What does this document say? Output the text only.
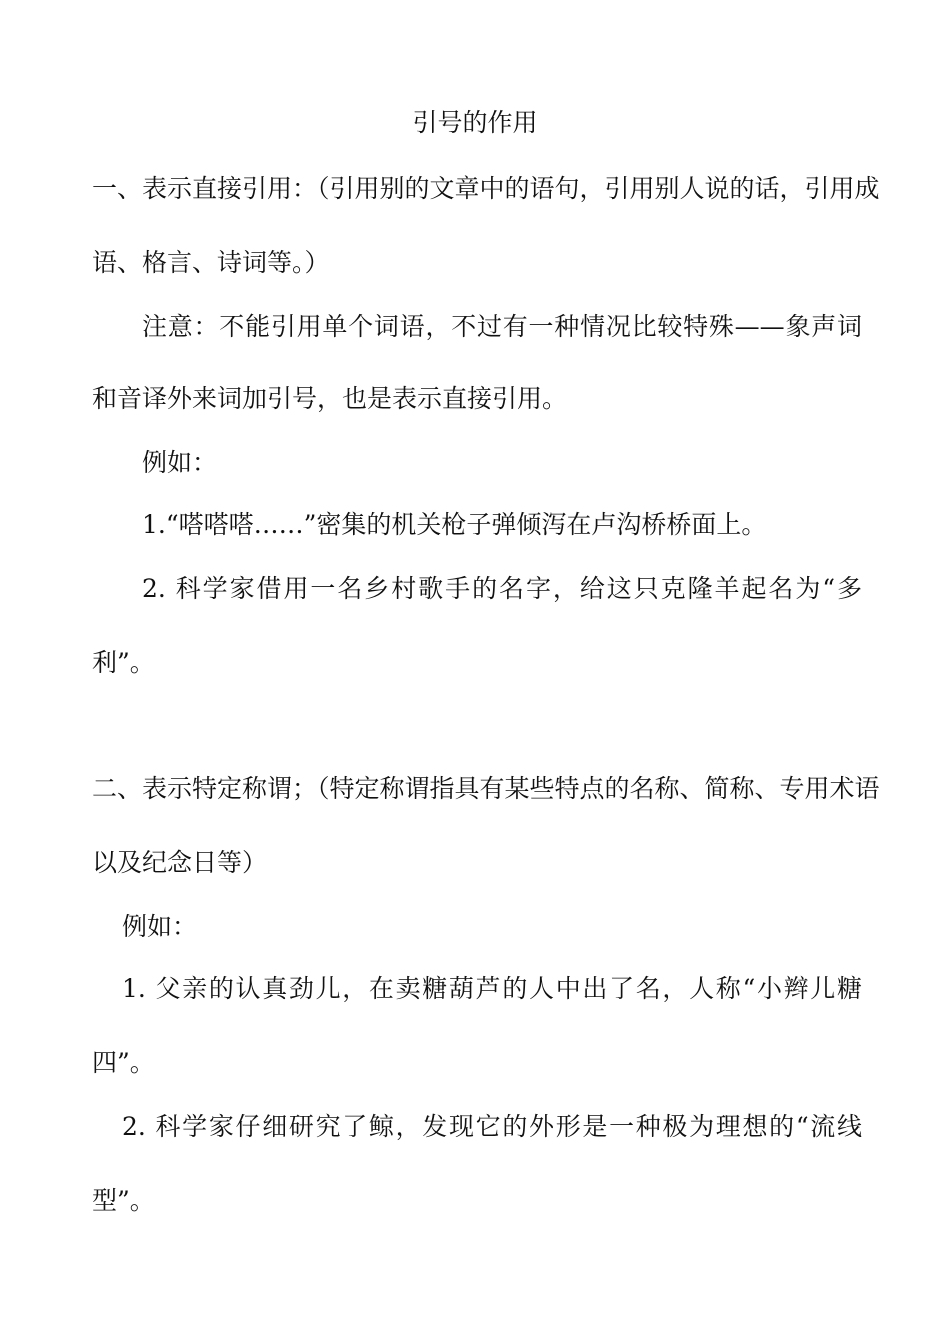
引号的作用
一、表示直接引用：（引用别的文章中的语句，引用别人说的话，引用成
语、格言、诗词等。）
注意：不能引用单个词语，不过有一种情况比较特殊——象声词
和音译外来词加引号，也是表示直接引用。
例如：
1.“嗒嗒嗒……”密集的机关枪子弹倾泻在卢沟桥桥面上。
2. 科学家借用一名乡村歌手的名字，给这只克隆羊起名为“多
利”。
二、表示特定称谓；（特定称谓指具有某些特点的名称、简称、专用术语
以及纪念日等）
例如：
1. 父亲的认真劲儿，在卖糖葫芦的人中出了名，人称“小辫儿糖
四”。
2. 科学家仔细研究了鲸，发现它的外形是一种极为理想的“流线
型”。
